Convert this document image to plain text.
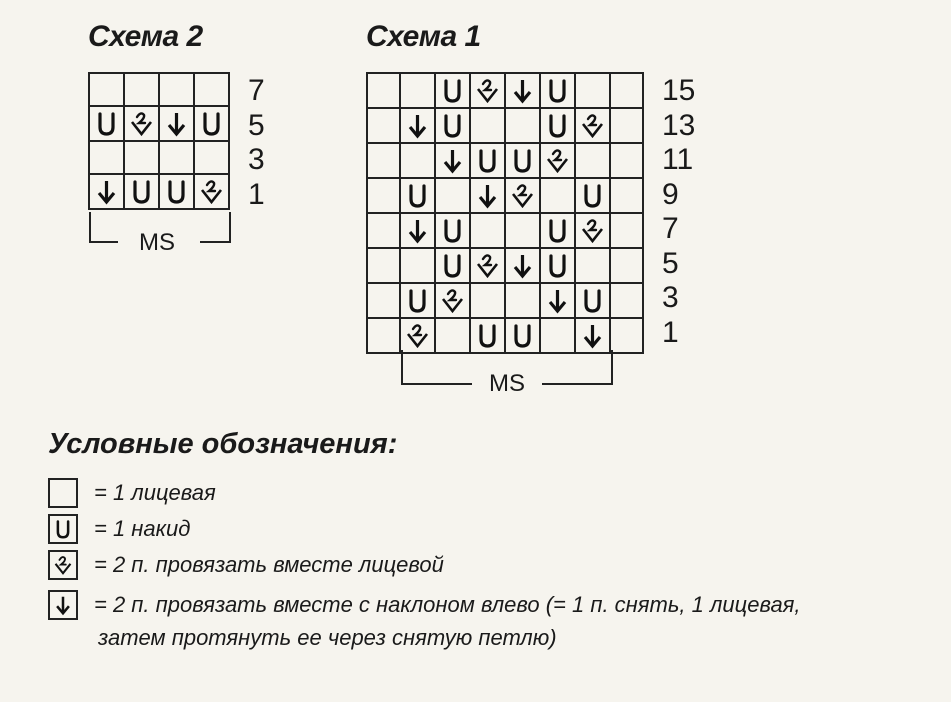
Схема 2

7
5
3
1
MS
Схема 1

15
13
11
9
7
5
3
1
MS
Условные обозначения:
= 1 лицевая
= 1 накид
= 2 п. провязать вместе лицевой
= 2 п. провязать вместе с наклоном влево (= 1 п. снять, 1 лицевая,
затем протянуть ее через снятую петлю)
